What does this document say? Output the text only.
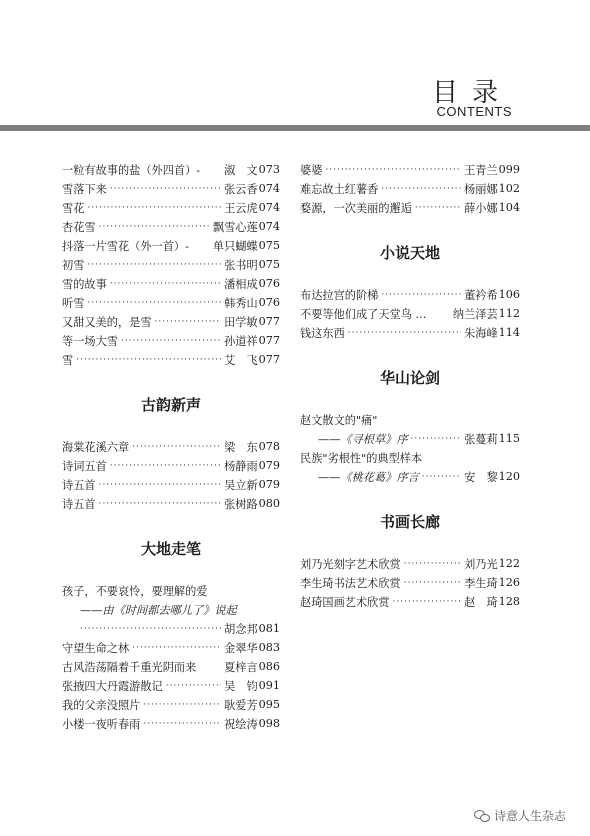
目录
CONTENTS
一粒有故事的盐（外四首）- 淑　文 073
雪落下来 ·····	张云香 074
雪花 ·····	王云虎 074
杏花雪 ·····	飘雪心莲 074
抖落一片雪花（外一首）- 单只蝴蝶 075
初雪 ·····	张书明 075
雪的故事 ·····	潘相成 076
听雪 ·····	韩秀山 076
又甜又美的，是雪 ·····	田学敏 077
等一场大雪 ·····	孙道祥 077
雪 ·····	艾　飞 077
古韵新声
海棠花溪六章 ·····	梁　东 078
诗词五首 ·····	杨静雨 079
诗五首 ·····	吴立新 079
诗五首 ·····	张树路 080
大地走笔
孩子，不要哀怜，要理解的爱
——由《时间都去哪儿了》说起
·····
胡念邦 081
守望生命之林 ·····	金翠华 083
古风浩荡隔着千重光阴而来 夏梓言 086
张掖四大丹霞游散记 ·····	吴　钧 091
我的父亲没照片 ·····	耿爱芳 095
小楼一夜听春雨 ·····	祝绘涛 098
婆婆 ·····	王青兰 099
难忘故土红薯香 ·····	杨丽娜 102
婺源，一次美丽的邂逅 ·····	薛小娜 104
小说天地
布达拉宫的阶梯 ·····	董衿希 106
不要等他们成了天堂鸟 … 纳兰泽芸 112
钱这东西 ·····	朱海峰 114
华山论剑
赵文散文的"痛"
——《寻根草》序 ·····	张蔓莉 115
民族"劣根性"的典型样本
——《桃花葛》序言 ·····	安　黎 120
书画长廊
刘乃光刻字艺术欣赏 ·····	刘乃光 122
李生琦书法艺术欣赏 ·····	李生琦 126
赵琦国画艺术欣赏 ·····	赵　琦 128
诗意人生杂志
